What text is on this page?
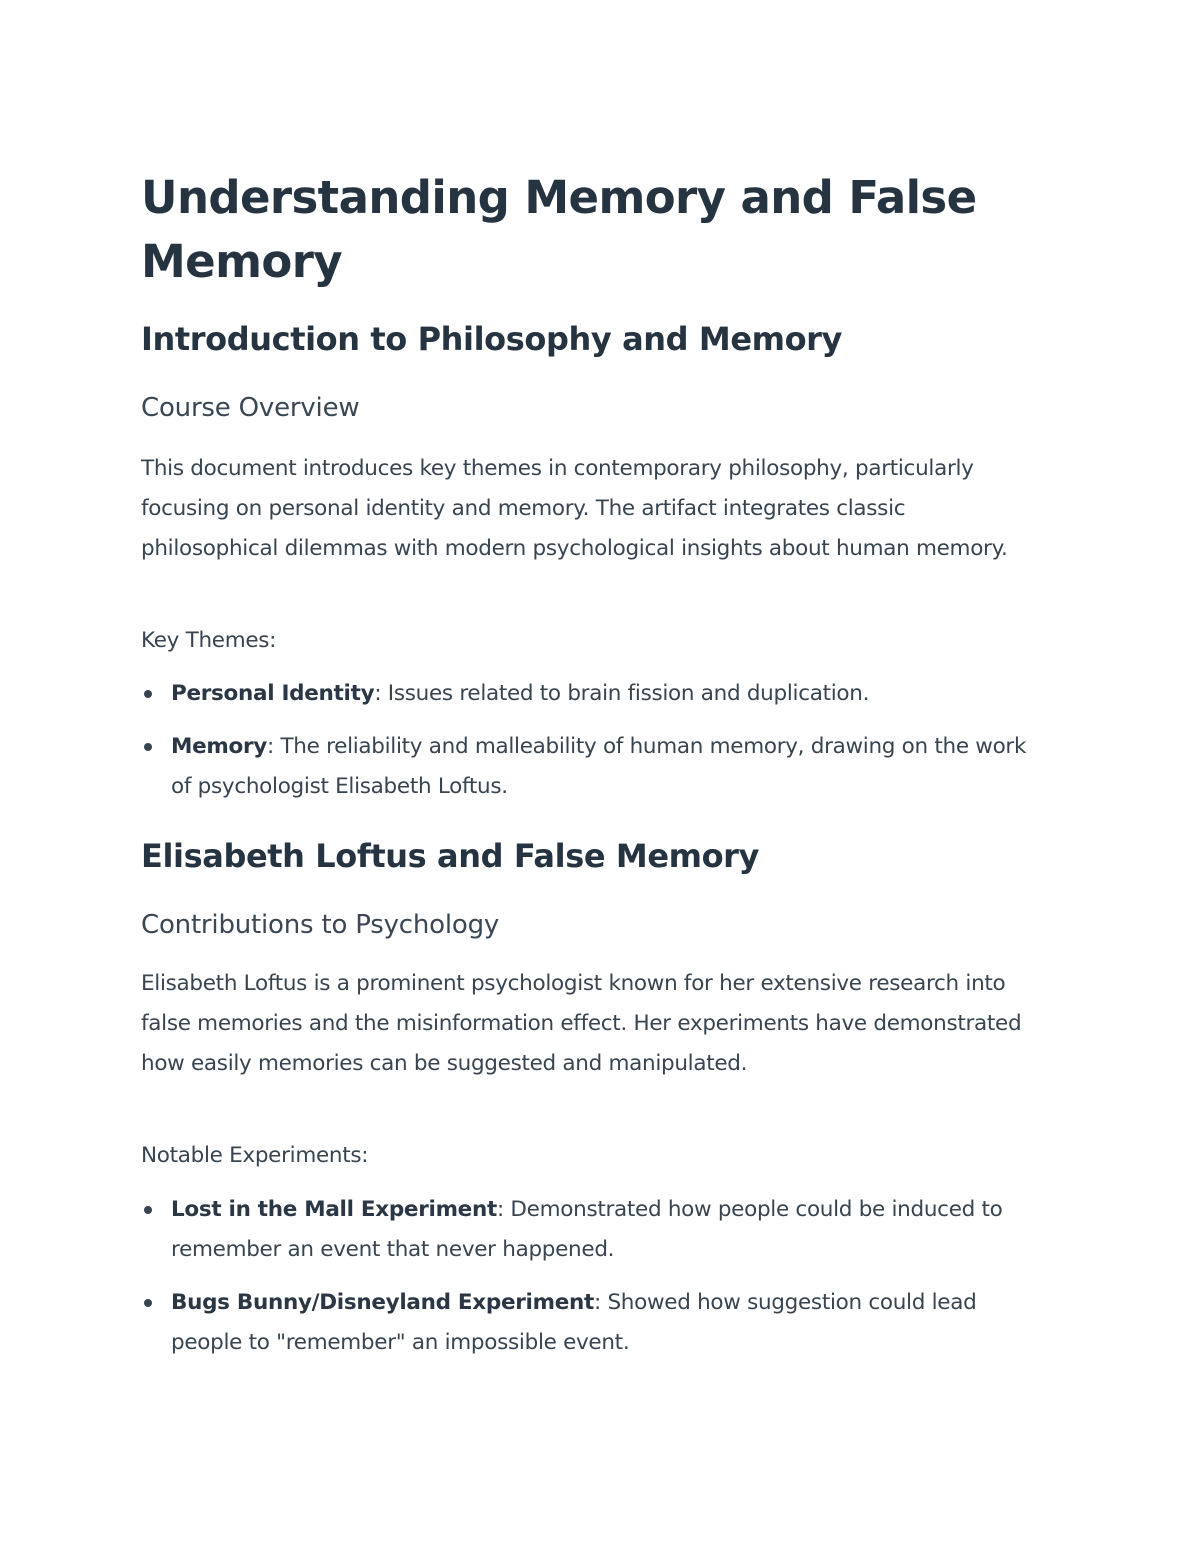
Understanding Memory and False Memory
Introduction to Philosophy and Memory
Course Overview

This document introduces key themes in contemporary philosophy, particularly focusing on personal identity and memory. The artifact integrates classic philosophical dilemmas with modern psychological insights about human memory.

Key Themes:

Personal Identity: Issues related to brain fission and duplication.
Memory: The reliability and malleability of human memory, drawing on the work of psychologist Elisabeth Loftus.
Elisabeth Loftus and False Memory
Contributions to Psychology

Elisabeth Loftus is a prominent psychologist known for her extensive research into false memories and the misinformation effect. Her experiments have demonstrated how easily memories can be suggested and manipulated.

Notable Experiments:

Lost in the Mall Experiment: Demonstrated how people could be induced to remember an event that never happened.
Bugs Bunny/Disneyland Experiment: Showed how suggestion could lead people to "remember" an impossible event.
